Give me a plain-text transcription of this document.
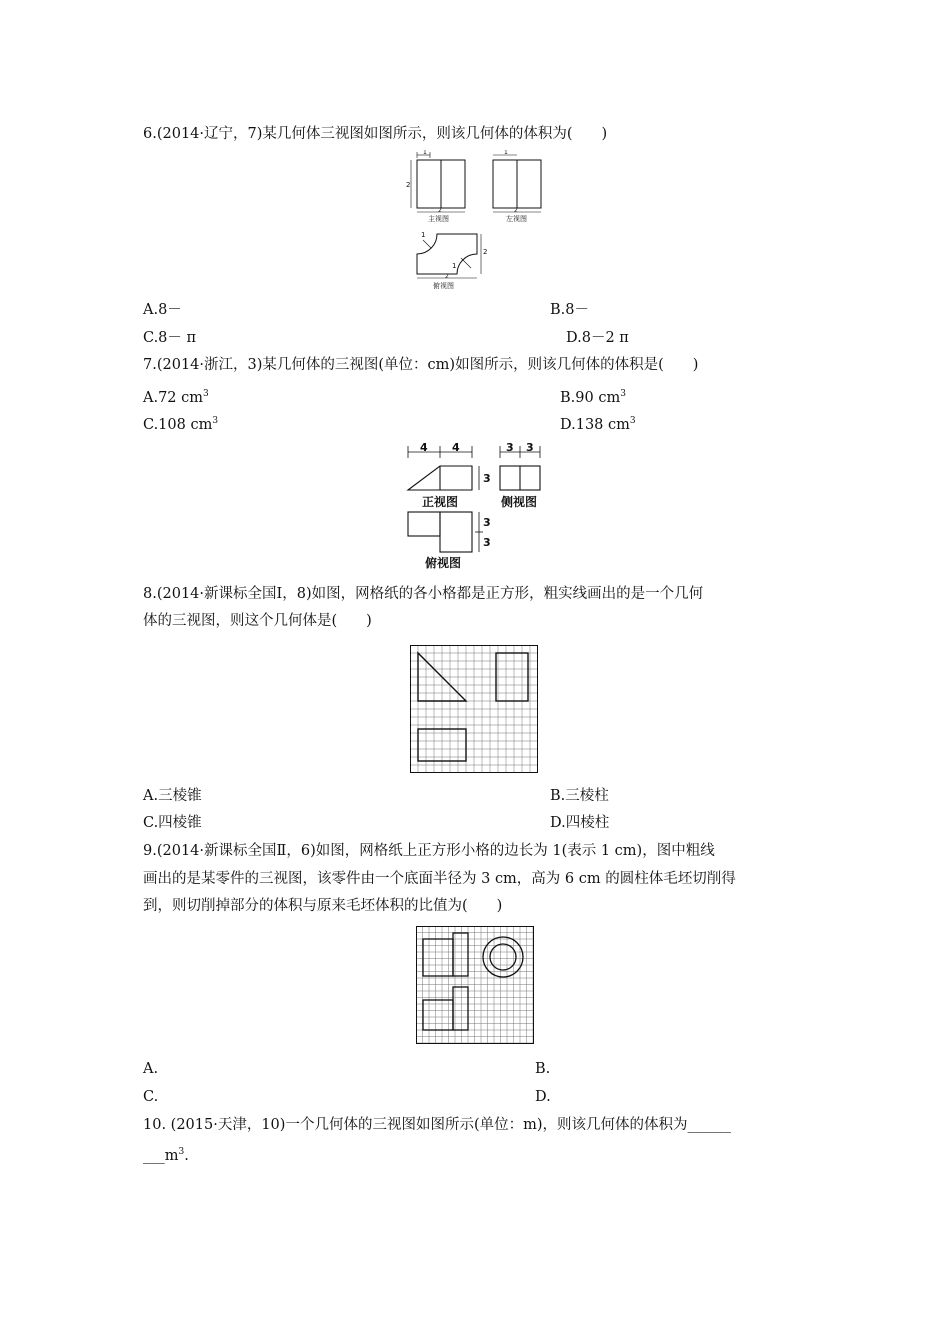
6.(2014·辽宁，7)某几何体三视图如图所示，则该几何体的体积为(　　)
1
2
2
主视图
1
2
左视图
1
1
2
2
俯视图
A.8－	B.8－
C.8－ π	D.8－2 π
7.(2014·浙江，3)某几何体的三视图(单位：cm)如图所示，则该几何体的体积是(　　)
A.72 $cm^3$	B.90 $cm^3$
C.108 $cm^3$	D.138 $cm^3$
4 4
3
正视图
3 3
侧视图
3
3
俯视图
8.(2014·新课标全国Ⅰ，8)如图，网格纸的各小格都是正方形，粗实线画出的是一个几何
体的三视图，则这个几何体是(　　)
A.三棱锥	B.三棱柱
C.四棱锥	D.四棱柱
9.(2014·新课标全国Ⅱ，6)如图，网格纸上正方形小格的边长为 1(表示 1 cm)，图中粗线
画出的是某零件的三视图，该零件由一个底面半径为 3 cm，高为 6 cm 的圆柱体毛坯切削得
到，则切削掉部分的体积与原来毛坯体积的比值为(　　)
A.	B.
C.	D.
10. (2015·天津，10)一个几何体的三视图如图所示(单位：m)，则该几何体的体积为______
$\_\_\_m^3$.
